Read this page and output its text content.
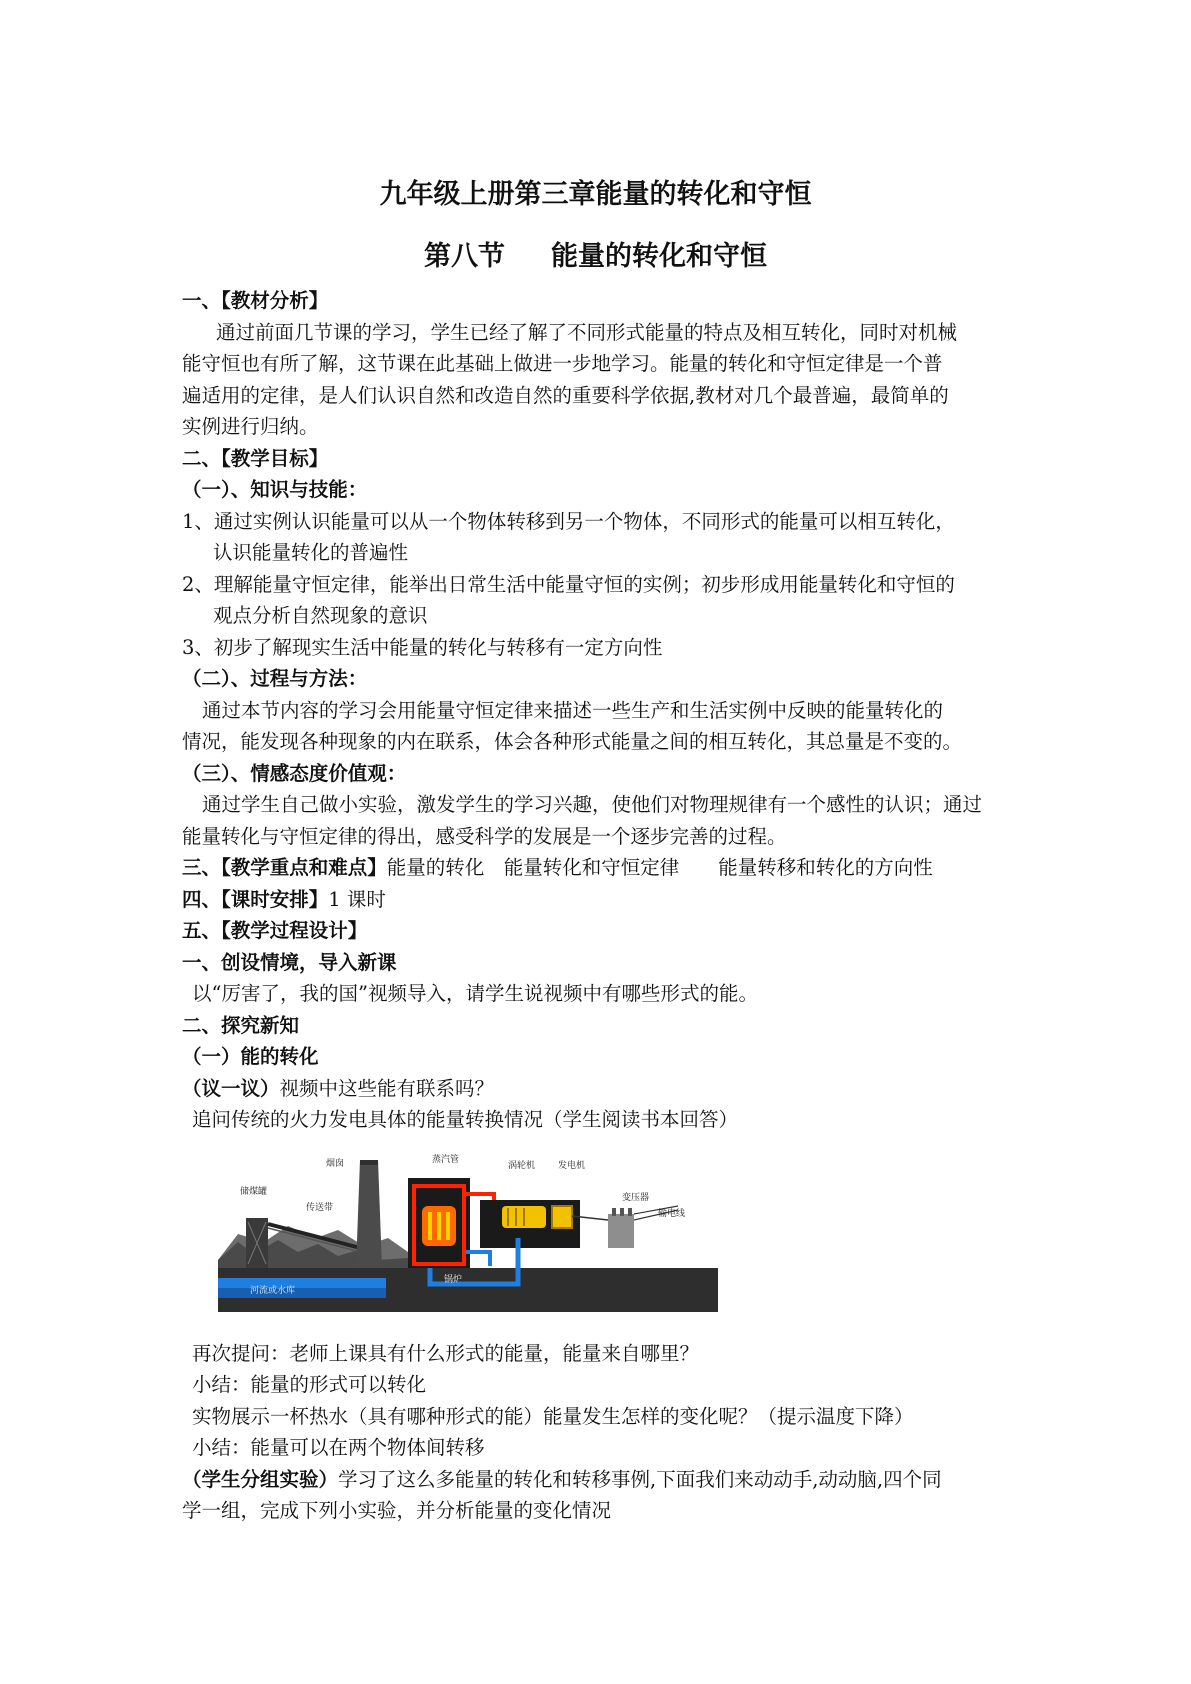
九年级上册第三章能量的转化和守恒
第八节 能量的转化和守恒
一、【教材分析】
通过前面几节课的学习，学生已经了解了不同形式能量的特点及相互转化，同时对机械
能守恒也有所了解，这节课在此基础上做进一步地学习。能量的转化和守恒定律是一个普
遍适用的定律，是人们认识自然和改造自然的重要科学依据,教材对几个最普遍，最简单的
实例进行归纳。
二、【教学目标】
（一）、知识与技能：
1、通过实例认识能量可以从一个物体转移到另一个物体，不同形式的能量可以相互转化，
认识能量转化的普遍性
2、理解能量守恒定律，能举出日常生活中能量守恒的实例；初步形成用能量转化和守恒的
观点分析自然现象的意识
3、初步了解现实生活中能量的转化与转移有一定方向性
（二）、过程与方法：
通过本节内容的学习会用能量守恒定律来描述一些生产和生活实例中反映的能量转化的
情况，能发现各种现象的内在联系，体会各种形式能量之间的相互转化，其总量是不变的。
（三）、情感态度价值观：
通过学生自己做小实验，激发学生的学习兴趣，使他们对物理规律有一个感性的认识；通过
能量转化与守恒定律的得出，感受科学的发展是一个逐步完善的过程。
三、【教学重点和难点】能量的转化　能量转化和守恒定律　　能量转移和转化的方向性
四、【课时安排】1 课时
五、【教学过程设计】
一、创设情境，导入新课
以“厉害了，我的国”视频导入，请学生说视频中有哪些形式的能。
二、探究新知
（一）能的转化
（议一议）视频中这些能有联系吗？
追问传统的火力发电具体的能量转换情况（学生阅读书本回答）
储煤罐
传送带
烟囱	蒸汽管
涡轮机	发电机
变压器
输电线
锅炉
河流或水库
再次提问：老师上课具有什么形式的能量，能量来自哪里？
小结：能量的形式可以转化
实物展示一杯热水（具有哪种形式的能）能量发生怎样的变化呢？（提示温度下降）
小结：能量可以在两个物体间转移
（学生分组实验）学习了这么多能量的转化和转移事例,下面我们来动动手,动动脑,四个同
学一组，完成下列小实验，并分析能量的变化情况
